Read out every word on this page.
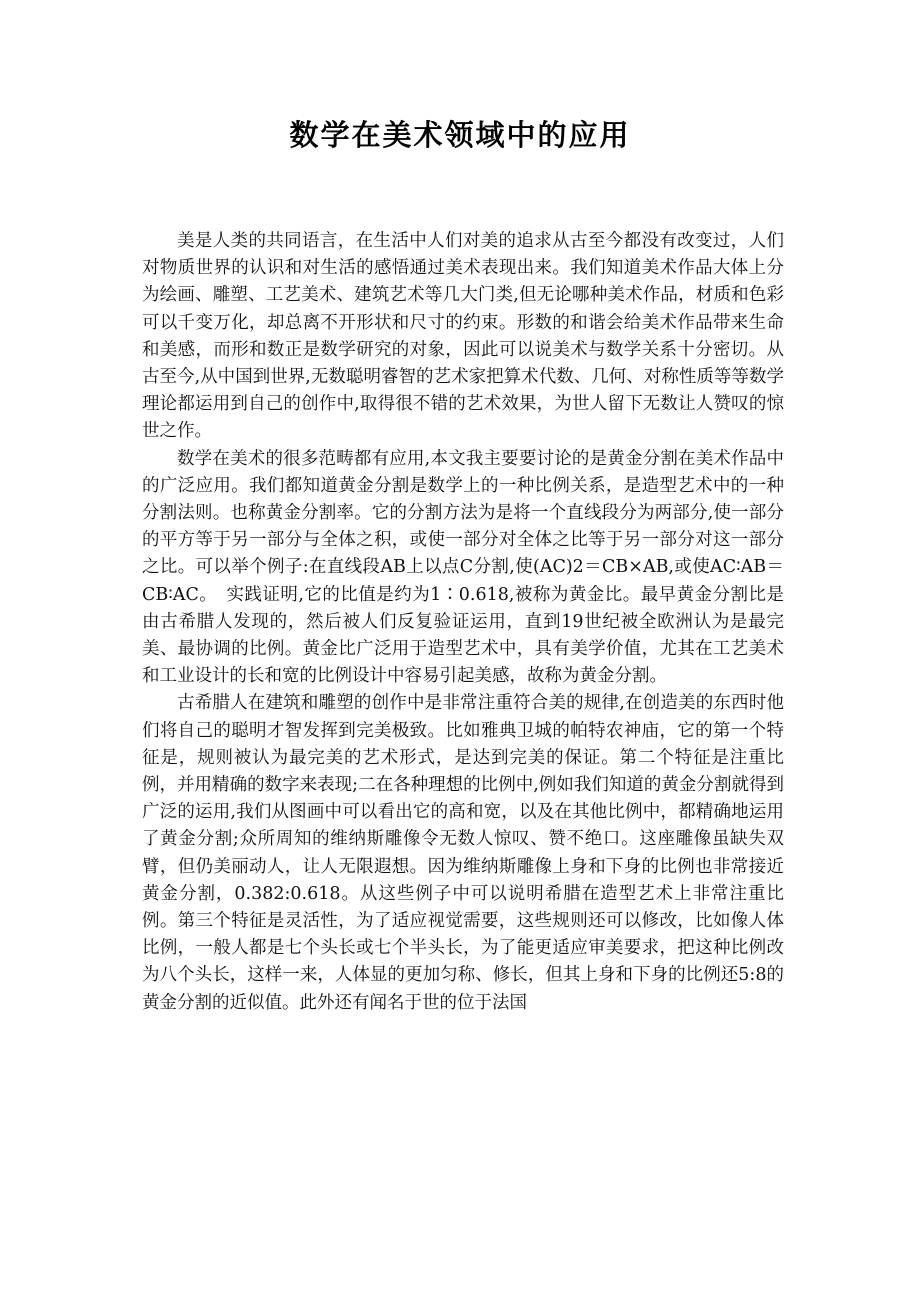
数学在美术领域中的应用

美是人类的共同语言，在生活中人们对美的追求从古至今都没有改变过，人们对物质世界的认识和对生活的感悟通过美术表现出来。我们知道美术作品大体上分为绘画、雕塑、工艺美术、建筑艺术等几大门类,但无论哪种美术作品，材质和色彩可以千变万化，却总离不开形状和尺寸的约束。形数的和谐会给美术作品带来生命和美感，而形和数正是数学研究的对象，因此可以说美术与数学关系十分密切。从古至今,从中国到世界,无数聪明睿智的艺术家把算术代数、几何、对称性质等等数学理论都运用到自己的创作中,取得很不错的艺术效果，为世人留下无数让人赞叹的惊世之作。

数学在美术的很多范畴都有应用,本文我主要要讨论的是黄金分割在美术作品中的广泛应用。我们都知道黄金分割是数学上的一种比例关系，是造型艺术中的一种分割法则。也称黄金分割率。它的分割方法为是将一个直线段分为两部分,使一部分的平方等于另一部分与全体之积，或使一部分对全体之比等于另一部分对这一部分之比。可以举个例子:在直线段AB上以点C分割,使(AC)2＝CB×AB,或使AC∶AB＝CB∶AC。　实践证明,它的比值是约为1∶0.618,被称为黄金比。最早黄金分割比是由古希腊人发现的，然后被人们反复验证运用，直到19世纪被全欧洲认为是最完美、最协调的比例。黄金比广泛用于造型艺术中，具有美学价值，尤其在工艺美术和工业设计的长和宽的比例设计中容易引起美感，故称为黄金分割。

古希腊人在建筑和雕塑的创作中是非常注重符合美的规律,在创造美的东西时他们将自己的聪明才智发挥到完美极致。比如雅典卫城的帕特农神庙，它的第一个特征是，规则被认为最完美的艺术形式，是达到完美的保证。第二个特征是注重比例，并用精确的数字来表现;二在各种理想的比例中,例如我们知道的黄金分割就得到广泛的运用,我们从图画中可以看出它的高和宽，以及在其他比例中，都精确地运用了黄金分割;众所周知的维纳斯雕像令无数人惊叹、赞不绝口。这座雕像虽缺失双臂，但仍美丽动人，让人无限遐想。因为维纳斯雕像上身和下身的比例也非常接近黄金分割，0.382:0.618。从这些例子中可以说明希腊在造型艺术上非常注重比例。第三个特征是灵活性，为了适应视觉需要，这些规则还可以修改，比如像人体比例，一般人都是七个头长或七个半头长，为了能更适应审美要求，把这种比例改为八个头长，这样一来，人体显的更加匀称、修长，但其上身和下身的比例还5:8的黄金分割的近似值。此外还有闻名于世的位于法国
